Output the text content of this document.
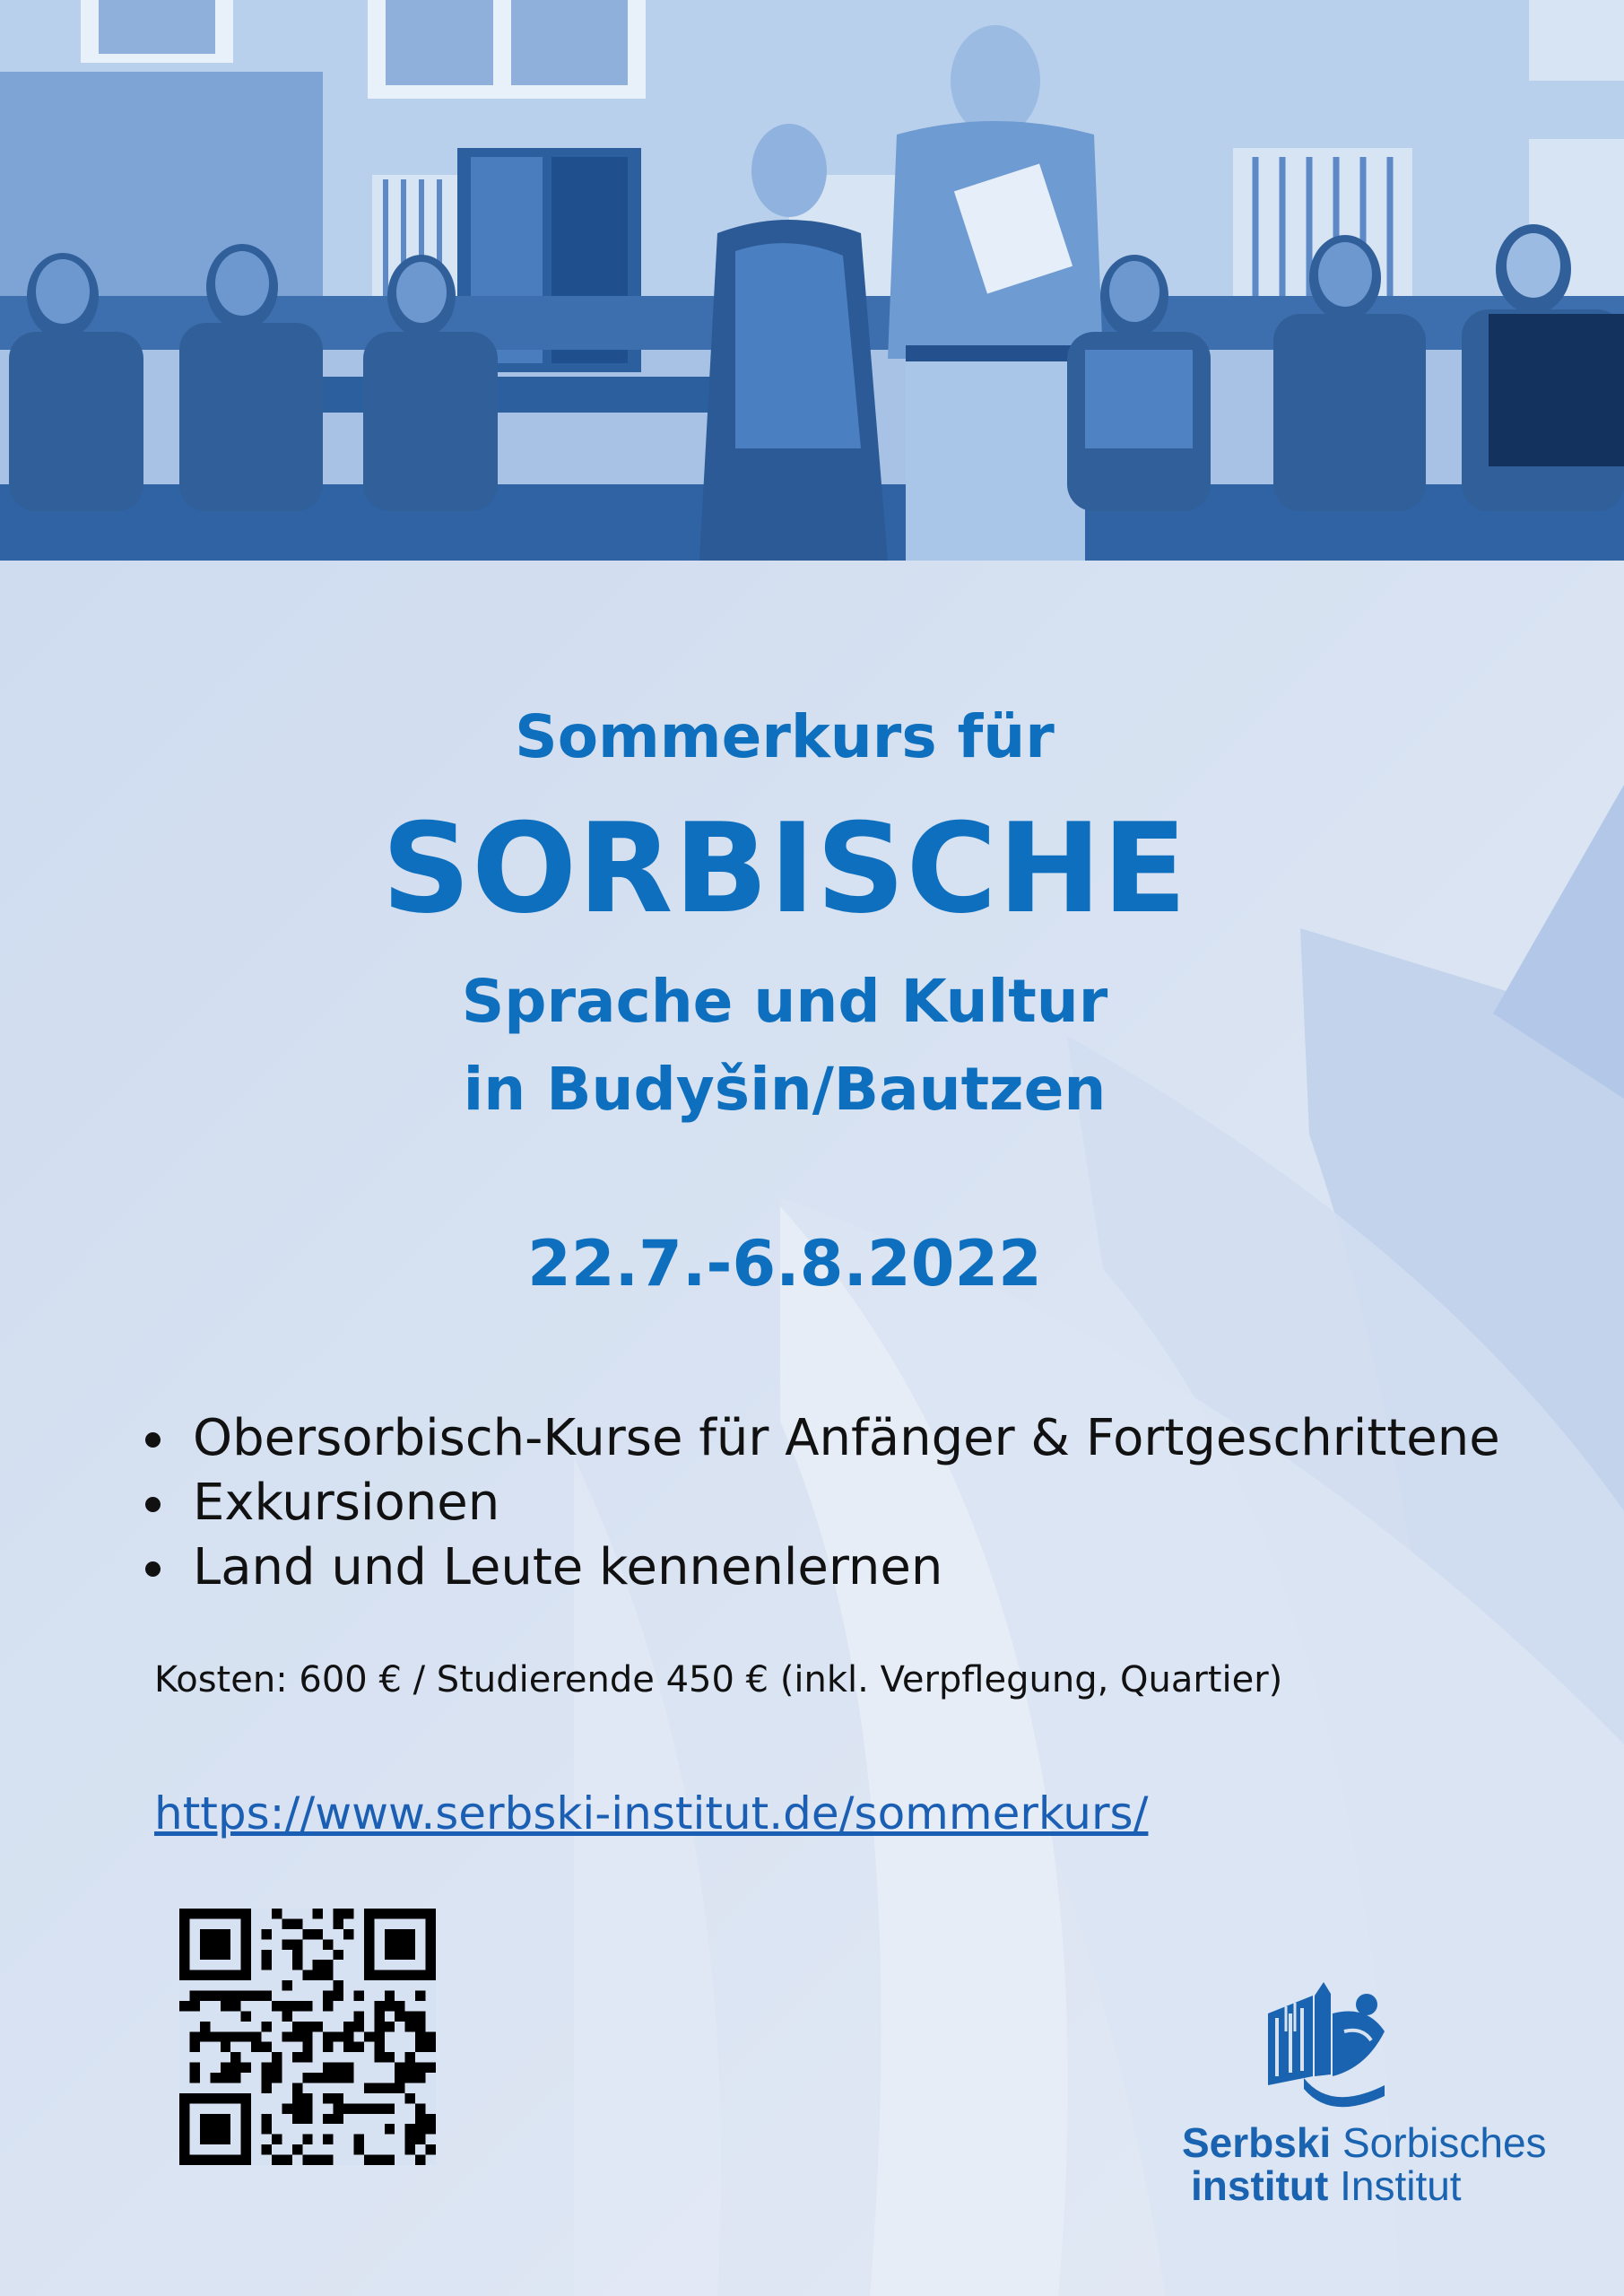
Sommerkurs für
SORBISCHE
Sprache und Kultur
in Budyšin/Bautzen
22.7.-6.8.2022
Obersorbisch-Kurse für Anfänger & Fortgeschrittene
Exkursionen
Land und Leute kennenlernen
Kosten: 600 € / Studierende 450 € (inkl. Verpflegung, Quartier)
https://www.serbski-institut.de/sommerkurs/
Serbski Sorbisches
institut Institut
